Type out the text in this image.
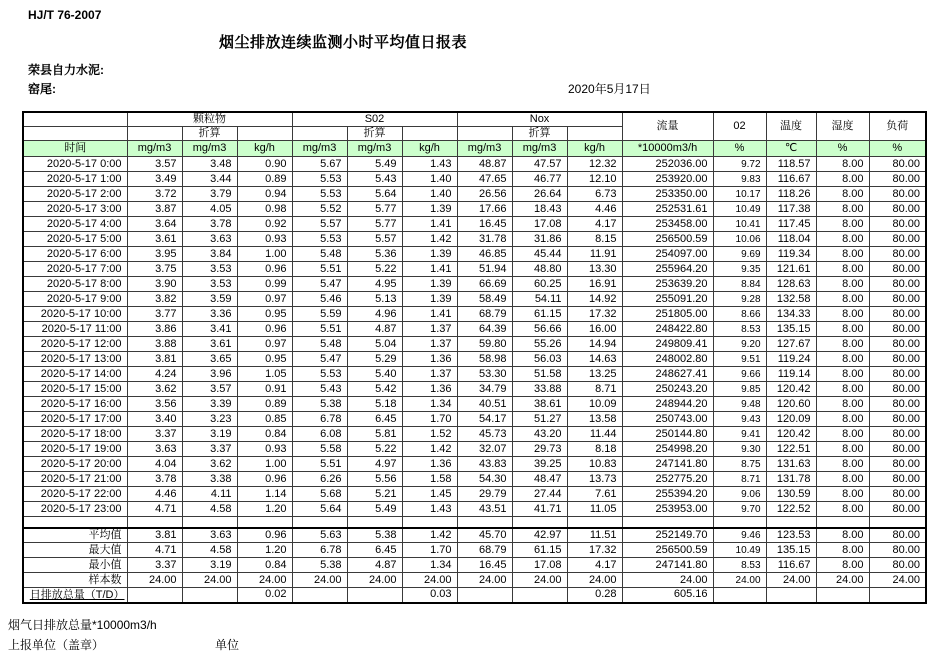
HJ/T 76-2007
烟尘排放连续监测小时平均值日报表
荣县自力水泥:
窑尾:	2020年5月17日
	颗粒物			S02			Nox			流量	02	温度	湿度	负荷
		折算			折算			折算						
时间	mg/m3	mg/m3	kg/h	mg/m3	mg/m3	kg/h	mg/m3	mg/m3	kg/h	*10000m3/h	%	℃	%	%
2020-5-17 0:00	3.57	3.48	0.90	5.67	5.49	1.43	48.87	47.57	12.32	252036.00	9.72	118.57	8.00	80.00
2020-5-17 1:00	3.49	3.44	0.89	5.53	5.43	1.40	47.65	46.77	12.10	253920.00	9.83	116.67	8.00	80.00
2020-5-17 2:00	3.72	3.79	0.94	5.53	5.64	1.40	26.56	26.64	6.73	253350.00	10.17	118.26	8.00	80.00
2020-5-17 3:00	3.87	4.05	0.98	5.52	5.77	1.39	17.66	18.43	4.46	252531.61	10.49	117.38	8.00	80.00
2020-5-17 4:00	3.64	3.78	0.92	5.57	5.77	1.41	16.45	17.08	4.17	253458.00	10.41	117.45	8.00	80.00
2020-5-17 5:00	3.61	3.63	0.93	5.53	5.57	1.42	31.78	31.86	8.15	256500.59	10.06	118.04	8.00	80.00
2020-5-17 6:00	3.95	3.84	1.00	5.48	5.36	1.39	46.85	45.44	11.91	254097.00	9.69	119.34	8.00	80.00
2020-5-17 7:00	3.75	3.53	0.96	5.51	5.22	1.41	51.94	48.80	13.30	255964.20	9.35	121.61	8.00	80.00
2020-5-17 8:00	3.90	3.53	0.99	5.47	4.95	1.39	66.69	60.25	16.91	253639.20	8.84	128.63	8.00	80.00
2020-5-17 9:00	3.82	3.59	0.97	5.46	5.13	1.39	58.49	54.11	14.92	255091.20	9.28	132.58	8.00	80.00
2020-5-17 10:00	3.77	3.36	0.95	5.59	4.96	1.41	68.79	61.15	17.32	251805.00	8.66	134.33	8.00	80.00
2020-5-17 11:00	3.86	3.41	0.96	5.51	4.87	1.37	64.39	56.66	16.00	248422.80	8.53	135.15	8.00	80.00
2020-5-17 12:00	3.88	3.61	0.97	5.48	5.04	1.37	59.80	55.26	14.94	249809.41	9.20	127.67	8.00	80.00
2020-5-17 13:00	3.81	3.65	0.95	5.47	5.29	1.36	58.98	56.03	14.63	248002.80	9.51	119.24	8.00	80.00
2020-5-17 14:00	4.24	3.96	1.05	5.53	5.40	1.37	53.30	51.58	13.25	248627.41	9.66	119.14	8.00	80.00
2020-5-17 15:00	3.62	3.57	0.91	5.43	5.42	1.36	34.79	33.88	8.71	250243.20	9.85	120.42	8.00	80.00
2020-5-17 16:00	3.56	3.39	0.89	5.38	5.18	1.34	40.51	38.61	10.09	248944.20	9.48	120.60	8.00	80.00
2020-5-17 17:00	3.40	3.23	0.85	6.78	6.45	1.70	54.17	51.27	13.58	250743.00	9.43	120.09	8.00	80.00
2020-5-17 18:00	3.37	3.19	0.84	6.08	5.81	1.52	45.73	43.20	11.44	250144.80	9.41	120.42	8.00	80.00
2020-5-17 19:00	3.63	3.37	0.93	5.58	5.22	1.42	32.07	29.73	8.18	254998.20	9.30	122.51	8.00	80.00
2020-5-17 20:00	4.04	3.62	1.00	5.51	4.97	1.36	43.83	39.25	10.83	247141.80	8.75	131.63	8.00	80.00
2020-5-17 21:00	3.78	3.38	0.96	6.26	5.56	1.58	54.30	48.47	13.73	252775.20	8.71	131.78	8.00	80.00
2020-5-17 22:00	4.46	4.11	1.14	5.68	5.21	1.45	29.79	27.44	7.61	255394.20	9.06	130.59	8.00	80.00
2020-5-17 23:00	4.71	4.58	1.20	5.64	5.49	1.43	43.51	41.71	11.05	253953.00	9.70	122.52	8.00	80.00

平均值	3.81	3.63	0.96	5.63	5.38	1.42	45.70	42.97	11.51	252149.70	9.46	123.53	8.00	80.00
最大值	4.71	4.58	1.20	6.78	6.45	1.70	68.79	61.15	17.32	256500.59	10.49	135.15	8.00	80.00
最小值	3.37	3.19	0.84	5.38	4.87	1.34	16.45	17.08	4.17	247141.80	8.53	116.67	8.00	80.00
样本数	24.00	24.00	24.00	24.00	24.00	24.00	24.00	24.00	24.00	24.00	24.00	24.00	24.00	24.00

日排放总量（T/D）			0.02			0.03			0.28	605.16				
烟气日排放总量*10000m3/h
上报单位（盖章）	单位
